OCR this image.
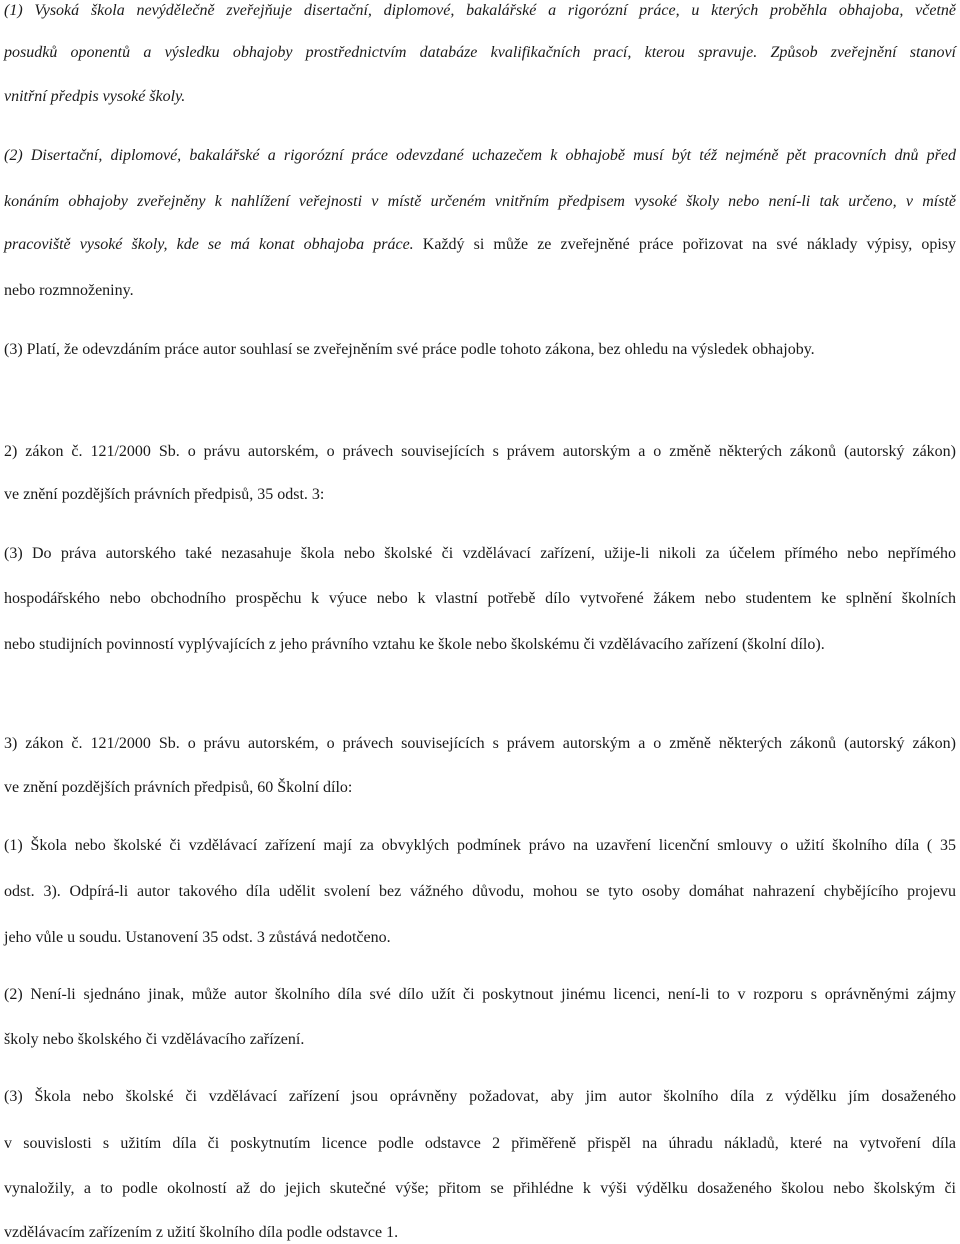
(1) Vysoká škola nevýdělečně zveřejňuje disertační, diplomové, bakalářské a rigorózní práce, u kterých proběhla obhajoba, včetně
posudků oponentů a výsledku obhajoby prostřednictvím databáze kvalifikačních prací, kterou spravuje. Způsob zveřejnění stanoví
vnitřní předpis vysoké školy.
(2) Disertační, diplomové, bakalářské a rigorózní práce odevzdané uchazečem k obhajobě musí být též nejméně pět pracovních dnů před
konáním obhajoby zveřejněny k nahlížení veřejnosti v místě určeném vnitřním předpisem vysoké školy nebo není-li tak určeno, v místě
pracoviště vysoké školy, kde se má konat obhajoba práce. Každý si může ze zveřejněné práce pořizovat na své náklady výpisy, opisy
nebo rozmnoženiny.
(3) Platí, že odevzdáním práce autor souhlasí se zveřejněním své práce podle tohoto zákona, bez ohledu na výsledek obhajoby.
2) zákon č. 121/2000 Sb. o právu autorském, o právech souvisejících s právem autorským a o změně některých zákonů (autorský zákon)
ve znění pozdějších právních předpisů, 35 odst. 3:
(3) Do práva autorského také nezasahuje škola nebo školské či vzdělávací zařízení, užije-li nikoli za účelem přímého nebo nepřímého
hospodářského nebo obchodního prospěchu k výuce nebo k vlastní potřebě dílo vytvořené žákem nebo studentem ke splnění školních
nebo studijních povinností vyplývajících z jeho právního vztahu ke škole nebo školskému či vzdělávacího zařízení (školní dílo).
3) zákon č. 121/2000 Sb. o právu autorském, o právech souvisejících s právem autorským a o změně některých zákonů (autorský zákon)
ve znění pozdějších právních předpisů, 60 Školní dílo:
(1) Škola nebo školské či vzdělávací zařízení mají za obvyklých podmínek právo na uzavření licenční smlouvy o užití školního díla ( 35
odst. 3). Odpírá-li autor takového díla udělit svolení bez vážného důvodu, mohou se tyto osoby domáhat nahrazení chybějícího projevu
jeho vůle u soudu. Ustanovení 35 odst. 3 zůstává nedotčeno.
(2) Není-li sjednáno jinak, může autor školního díla své dílo užít či poskytnout jinému licenci, není-li to v rozporu s oprávněnými zájmy
školy nebo školského či vzdělávacího zařízení.
(3) Škola nebo školské či vzdělávací zařízení jsou oprávněny požadovat, aby jim autor školního díla z výdělku jím dosaženého
v souvislosti s užitím díla či poskytnutím licence podle odstavce 2 přiměřeně přispěl na úhradu nákladů, které na vytvoření díla
vynaložily, a to podle okolností až do jejich skutečné výše; přitom se přihlédne k výši výdělku dosaženého školou nebo školským či
vzdělávacím zařízením z užití školního díla podle odstavce 1.
